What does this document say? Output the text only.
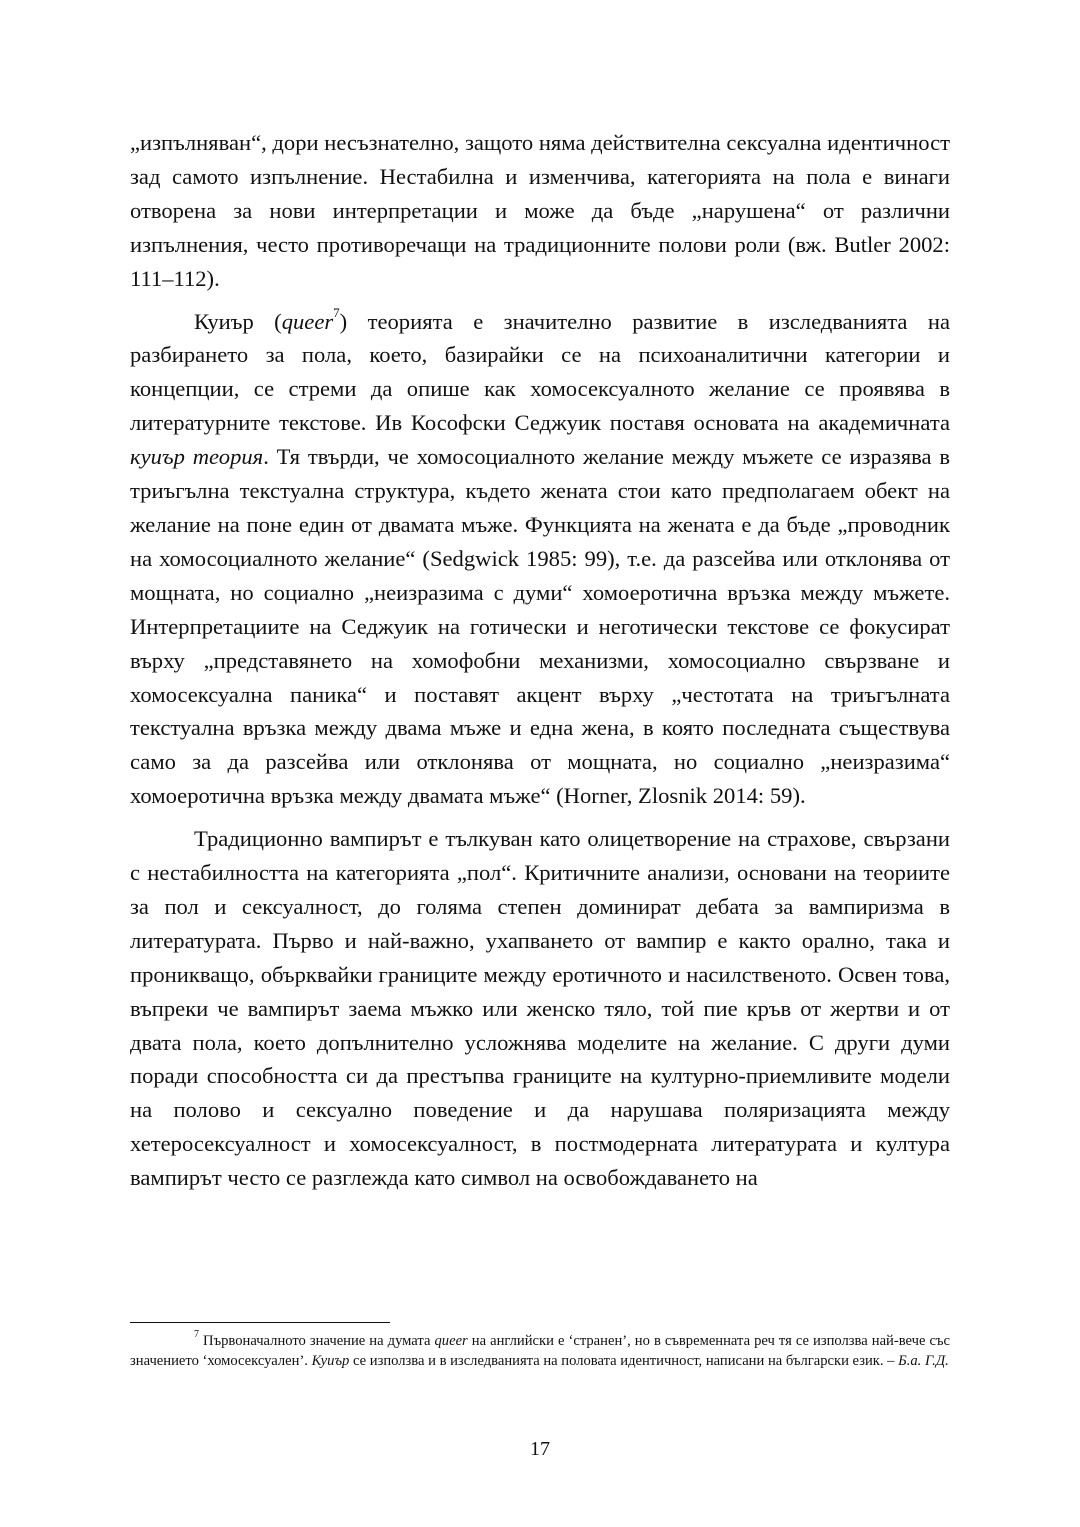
„изпълняван“, дори несъзнателно, защото няма действителна сексуална идентичност зад самото изпълнение. Нестабилна и изменчива, категорията на пола е винаги отворена за нови интерпретации и може да бъде „нарушена“ от различни изпълнения, често противоречащи на традиционните полови роли (вж. Butler 2002: 111–112).

Куиър (queer$^7$) теорията е значително развитие в изследванията на разбирането за пола, което, базирайки се на психоаналитични категории и концепции, се стреми да опише как хомосексуалното желание се проявява в литературните текстове. Ив Кософски Седжуик поставя основата на академичната куиър теория. Тя твърди, че хомосоциалното желание между мъжете се изразява в триъгълна текстуална структура, където жената стои като предполагаем обект на желание на поне един от двамата мъже. Функцията на жената е да бъде „проводник на хомосоциалното желание“ (Sedgwick 1985: 99), т.е. да разсейва или отклонява от мощната, но социално „неизразима с думи“ хомоеротична връзка между мъжете. Интерпретациите на Седжуик на готически и неготически текстове се фокусират върху „представянето на хомофобни механизми, хомосоциално свързване и хомосексуална паника“ и поставят акцент върху „честотата на триъгълната текстуална връзка между двама мъже и една жена, в която последната съществува само за да разсейва или отклонява от мощната, но социално „неизразима“ хомоеротична връзка между двамата мъже“ (Horner, Zlosnik 2014: 59).

Традиционно вампирът е тълкуван като олицетворение на страхове, свързани с нестабилността на категорията „пол“. Критичните анализи, основани на теориите за пол и сексуалност, до голяма степен доминират дебата за вампиризма в литературата. Първо и най-важно, ухапването от вампир е както орално, така и проникващо, обърквайки границите между еротичното и насилственото. Освен това, въпреки че вампирът заема мъжко или женско тяло, той пие кръв от жертви и от двата пола, което допълнително усложнява моделите на желание. С други думи поради способността си да престъпва границите на културно-приемливите модели на полово и сексуално поведение и да нарушава поляризацията между хетеросексуалност и хомосексуалност, в постмодерната литературата и култура вампирът често се разглежда като символ на освобождаването на

$^7$ Първоначалното значение на думата queer на английски е ‘странен’, но в съвременната реч тя се използва най-вече със значението ‘хомосексуален’. Куиър се използва и в изследванията на половата идентичност, написани на български език. – Б.а. Г.Д.

17
